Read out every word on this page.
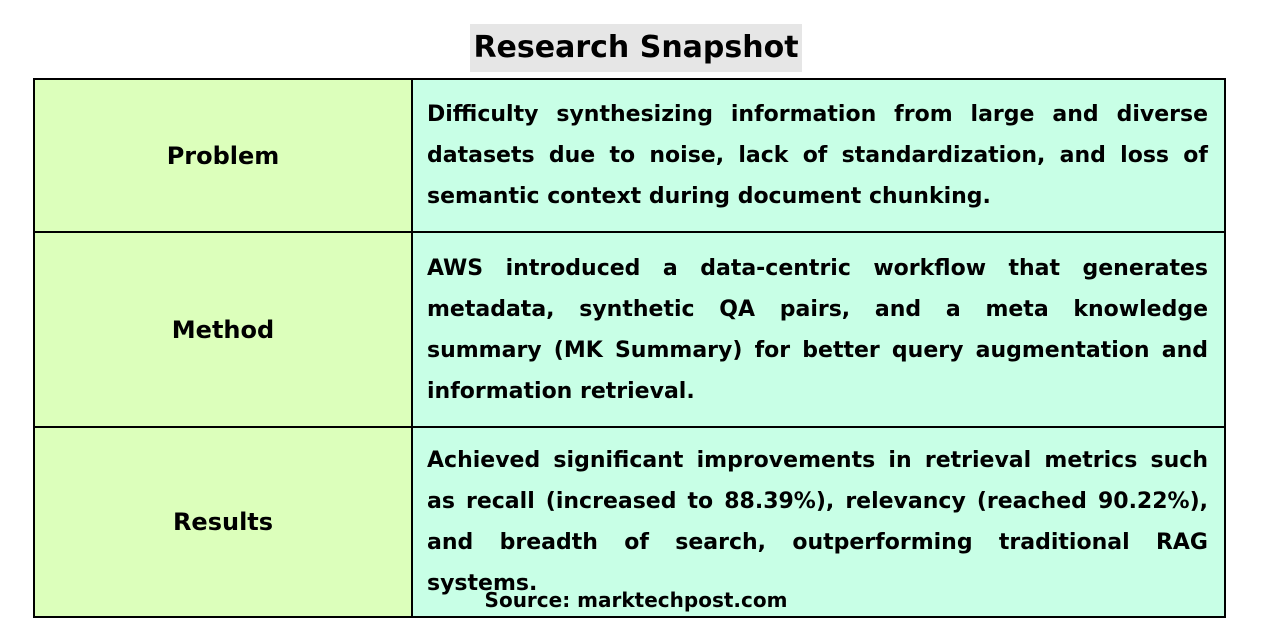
Research Snapshot
Problem	Difficulty synthesizing information from large and diverse datasets due to noise, lack of standardization, and loss of semantic context during document chunking.
Method	AWS introduced a data-centric workflow that generates metadata, synthetic QA pairs, and a meta knowledge summary (MK Summary) for better query augmentation and information retrieval.
Results	Achieved significant improvements in retrieval metrics such as recall (increased to 88.39%), relevancy (reached 90.22%), and breadth of search, outperforming traditional RAG systems.
Source: marktechpost.com
